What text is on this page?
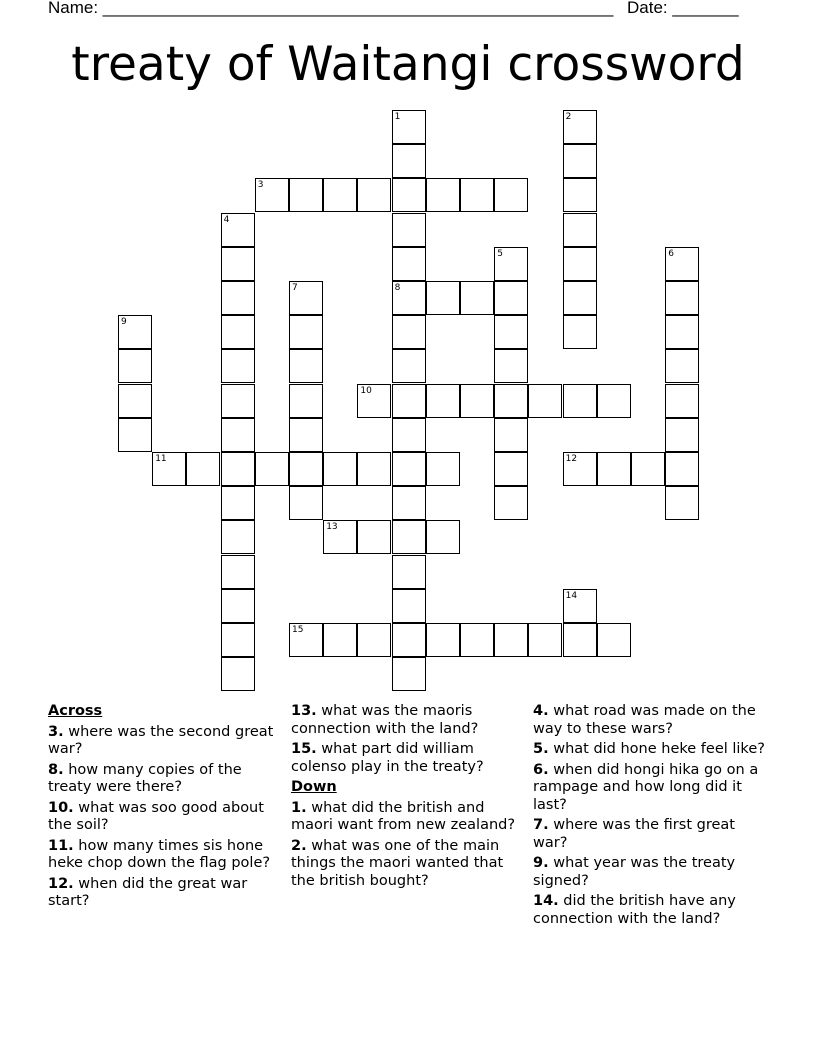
Name: ______________________________________________________ Date: _______
treaty of Waitangi crossword
1
8
2
3
4
5	6
7
9
10
11	12
13
14
15
Across
3. where was the second great war?
8. how many copies of the treaty were there?
10. what was soo good about the soil?
11. how many times sis hone heke chop down the flag pole?
12. when did the great war start?
13. what was the maoris connection with the land?
15. what part did william colenso play in the treaty?
Down
1. what did the british and maori want from new zealand?
2. what was one of the main things the maori wanted that the british bought?
4. what road was made on the way to these wars?
5. what did hone heke feel like?
6. when did hongi hika go on a rampage and how long did it last?
7. where was the first great war?
9. what year was the treaty signed?
14. did the british have any connection with the land?
